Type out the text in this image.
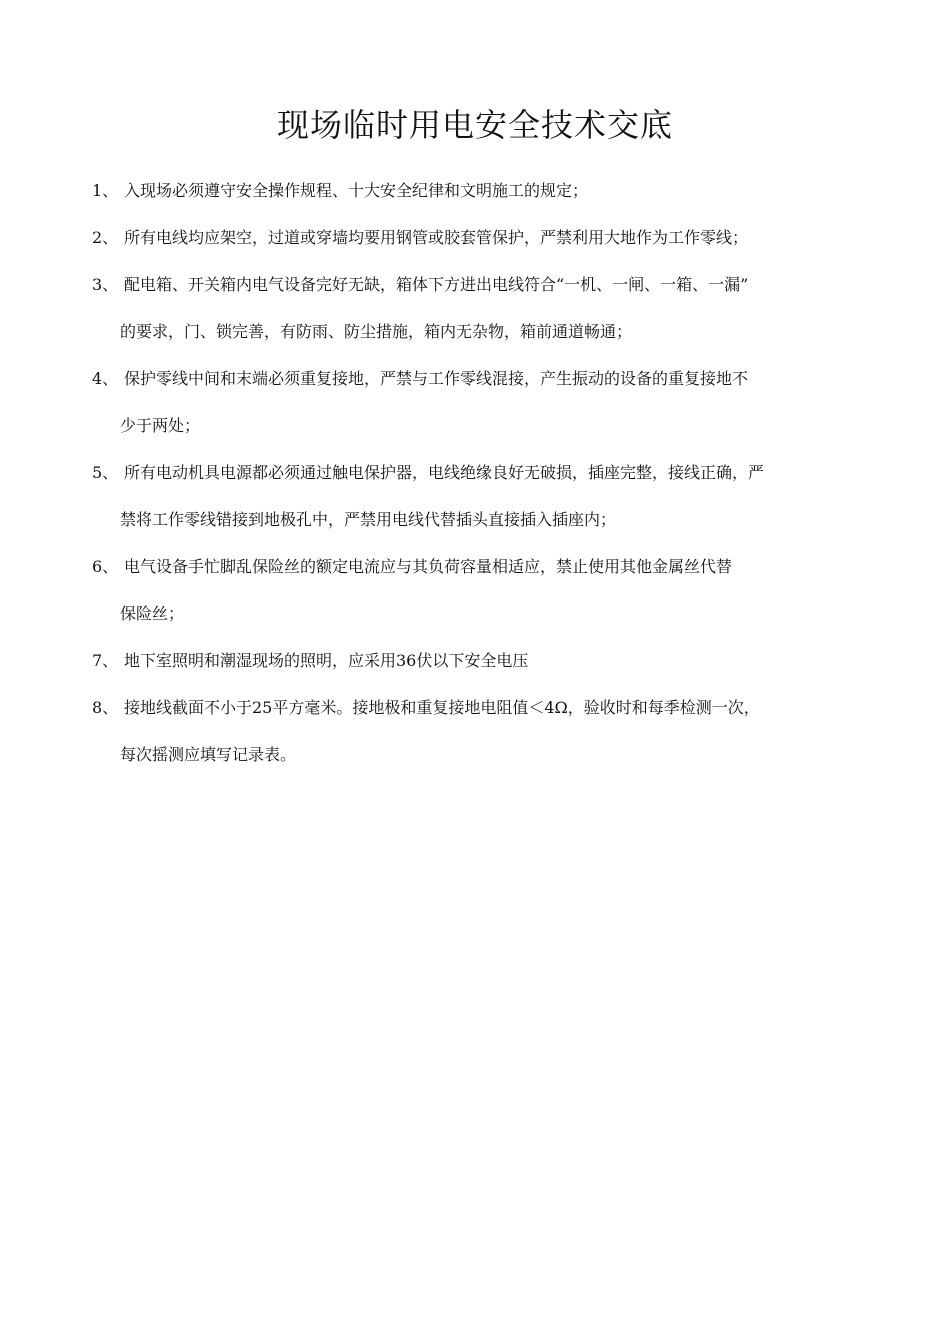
现场临时用电安全技术交底
1、 入现场必须遵守安全操作规程、十大安全纪律和文明施工的规定；
2、 所有电线均应架空，过道或穿墙均要用钢管或胶套管保护，严禁利用大地作为工作零线；
3、 配电箱、开关箱内电气设备完好无缺，箱体下方进出电线符合“一机、一闸、一箱、一漏”
的要求，门、锁完善，有防雨、防尘措施，箱内无杂物，箱前通道畅通；
4、 保护零线中间和末端必须重复接地，严禁与工作零线混接，产生振动的设备的重复接地不
少于两处；
5、 所有电动机具电源都必须通过触电保护器，电线绝缘良好无破损，插座完整，接线正确，严
禁将工作零线错接到地极孔中，严禁用电线代替插头直接插入插座内；
6、 电气设备手忙脚乱保险丝的额定电流应与其负荷容量相适应，禁止使用其他金属丝代替
保险丝；
7、 地下室照明和潮湿现场的照明，应采用36伏以下安全电压
8、 接地线截面不小于25平方毫米。接地极和重复接地电阻值＜4Ω，验收时和每季检测一次，
每次摇测应填写记录表。
